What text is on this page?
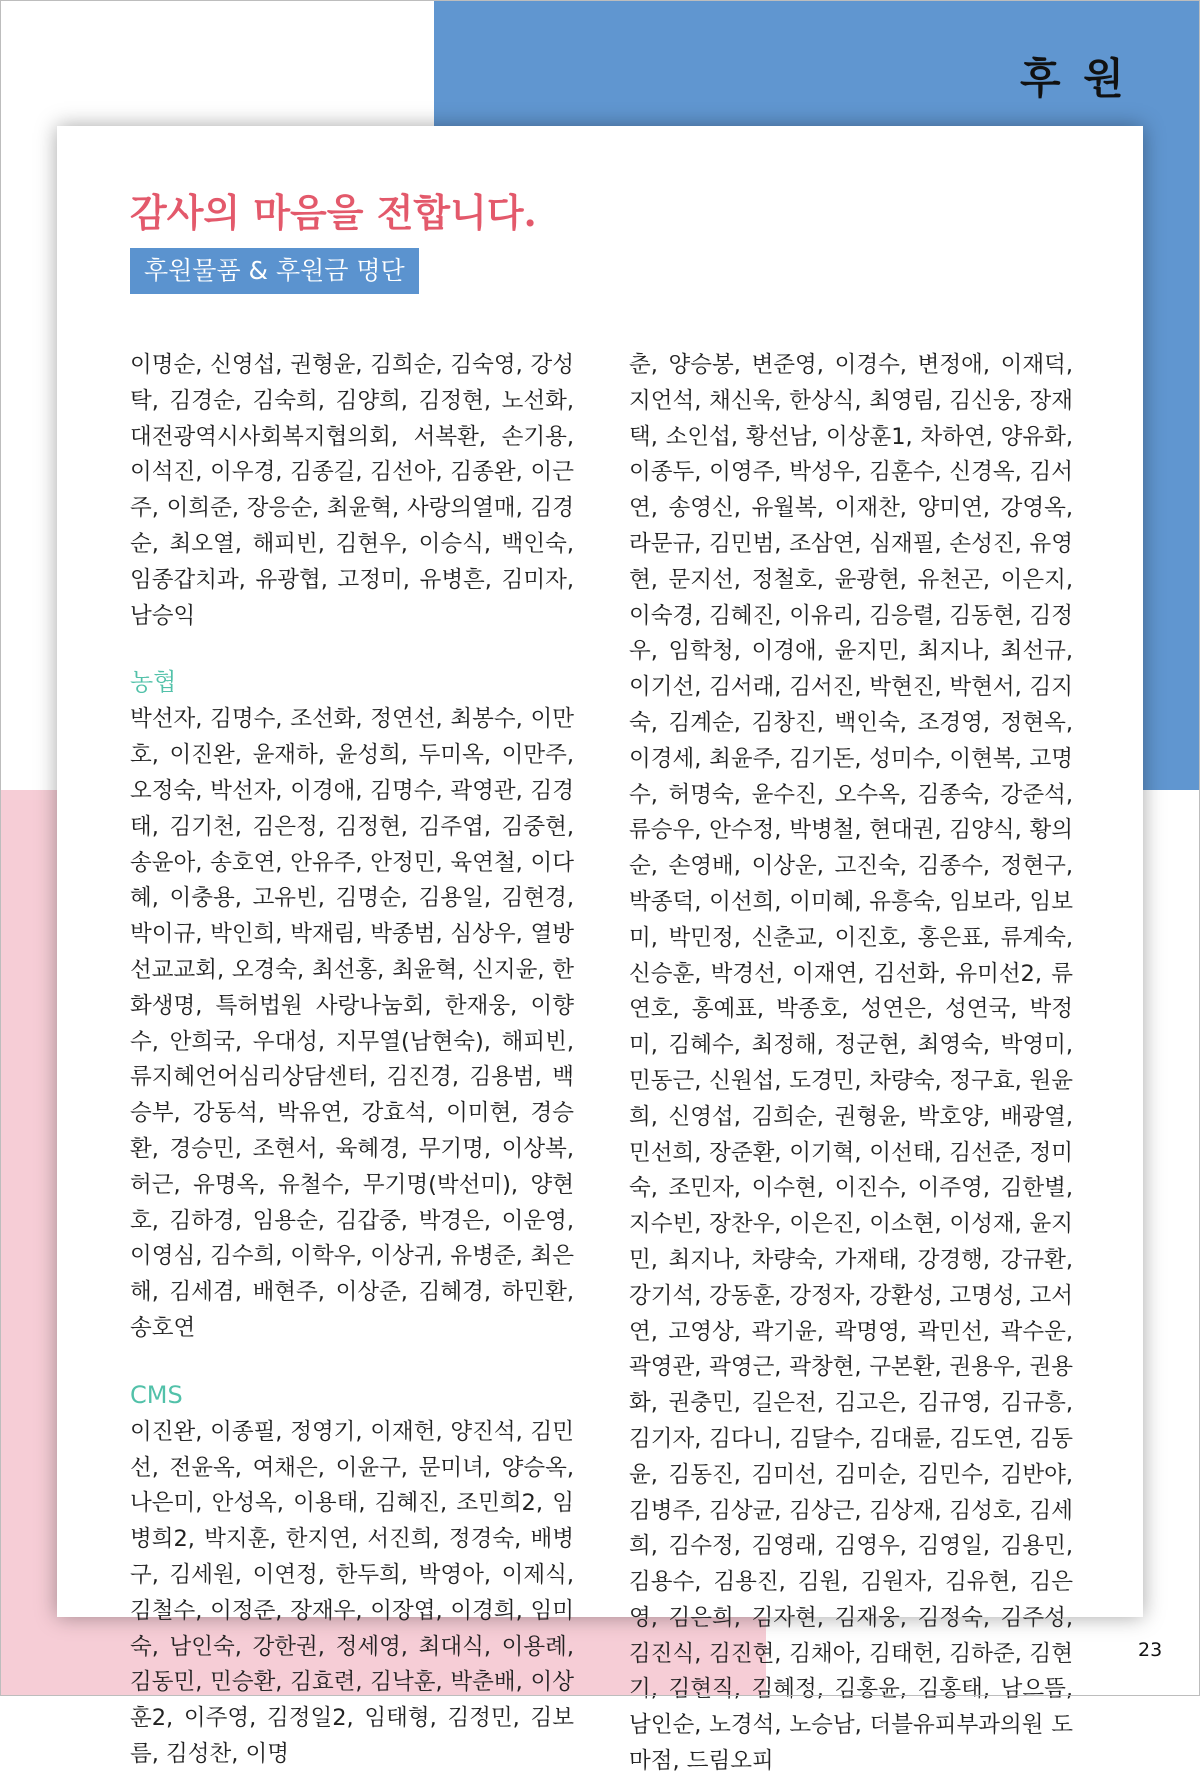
후 원
감사의 마음을 전합니다.
후원물품 & 후원금 명단

이명순, 신영섭, 권형윤, 김희순, 김숙영, 강성탁, 김경순, 김숙희, 김양희, 김정현, 노선화, 대전광역시사회복지협의회, 서복환, 손기용, 이석진, 이우경, 김종길, 김선아, 김종완, 이근주, 이희준, 장응순, 최윤혁, 사랑의열매, 김경순, 최오열, 해피빈, 김현우, 이승식, 백인숙, 임종갑치과, 유광협, 고정미, 유병흔, 김미자, 남승익

농협

박선자, 김명수, 조선화, 정연선, 최봉수, 이만호, 이진완, 윤재하, 윤성희, 두미옥, 이만주, 오정숙, 박선자, 이경애, 김명수, 곽영관, 김경태, 김기천, 김은정, 김정현, 김주엽, 김중현, 송윤아, 송호연, 안유주, 안정민, 육연철, 이다혜, 이충용, 고유빈, 김명순, 김용일, 김현경, 박이규, 박인희, 박재림, 박종범, 심상우, 열방선교교회, 오경숙, 최선홍, 최윤혁, 신지윤, 한화생명, 특허법원 사랑나눔회, 한재웅, 이향수, 안희국, 우대성, 지무열(남현숙), 해피빈, 류지혜언어심리상담센터, 김진경, 김용범, 백승부, 강동석, 박유연, 강효석, 이미현, 경승환, 경승민, 조현서, 육혜경, 무기명, 이상복, 허근, 유명옥, 유철수, 무기명(박선미), 양현호, 김하경, 임용순, 김갑중, 박경은, 이운영, 이영심, 김수희, 이학우, 이상귀, 유병준, 최은해, 김세겸, 배현주, 이상준, 김혜경, 하민환, 송호연

CMS

이진완, 이종필, 정영기, 이재헌, 양진석, 김민선, 전윤옥, 여채은, 이윤구, 문미녀, 양승옥, 나은미, 안성옥, 이용태, 김혜진, 조민희2, 임병희2, 박지훈, 한지연, 서진희, 정경숙, 배병구, 김세원, 이연정, 한두희, 박영아, 이제식, 김철수, 이정준, 장재우, 이장엽, 이경희, 임미숙, 남인숙, 강한권, 정세영, 최대식, 이용례, 김동민, 민승환, 김효련, 김낙훈, 박춘배, 이상훈2, 이주영, 김정일2, 임태형, 김정민, 김보름, 김성찬, 이명

춘, 양승봉, 변준영, 이경수, 변정애, 이재덕, 지언석, 채신욱, 한상식, 최영림, 김신웅, 장재택, 소인섭, 황선남, 이상훈1, 차하연, 양유화, 이종두, 이영주, 박성우, 김훈수, 신경옥, 김서연, 송영신, 유월복, 이재찬, 양미연, 강영옥, 라문규, 김민범, 조삼연, 심재필, 손성진, 유영현, 문지선, 정철호, 윤광현, 유천곤, 이은지, 이숙경, 김혜진, 이유리, 김응렬, 김동현, 김정우, 임학청, 이경애, 윤지민, 최지나, 최선규, 이기선, 김서래, 김서진, 박현진, 박현서, 김지숙, 김계순, 김창진, 백인숙, 조경영, 정현옥, 이경세, 최윤주, 김기돈, 성미수, 이현복, 고명수, 허명숙, 윤수진, 오수옥, 김종숙, 강준석, 류승우, 안수정, 박병철, 현대권, 김양식, 황의순, 손영배, 이상운, 고진숙, 김종수, 정현구, 박종덕, 이선희, 이미혜, 유흥숙, 임보라, 임보미, 박민정, 신춘교, 이진호, 홍은표, 류계숙, 신승훈, 박경선, 이재연, 김선화, 유미선2, 류연호, 홍예표, 박종호, 성연은, 성연국, 박정미, 김혜수, 최정해, 정군현, 최영숙, 박영미, 민동근, 신원섭, 도경민, 차량숙, 정구효, 원윤희, 신영섭, 김희순, 권형윤, 박호양, 배광열, 민선희, 장준환, 이기혁, 이선태, 김선준, 정미숙, 조민자, 이수현, 이진수, 이주영, 김한별, 지수빈, 장찬우, 이은진, 이소현, 이성재, 윤지민, 최지나, 차량숙, 가재태, 강경행, 강규환, 강기석, 강동훈, 강정자, 강환성, 고명성, 고서연, 고영상, 곽기윤, 곽명영, 곽민선, 곽수운, 곽영관, 곽영근, 곽창현, 구본환, 권용우, 권용화, 권충민, 길은전, 김고은, 김규영, 김규흥, 김기자, 김다니, 김달수, 김대륜, 김도연, 김동윤, 김동진, 김미선, 김미순, 김민수, 김반야, 김병주, 김상균, 김상근, 김상재, 김성호, 김세희, 김수정, 김영래, 김영우, 김영일, 김용민, 김용수, 김용진, 김원, 김원자, 김유현, 김은영, 김은희, 김자현, 김재웅, 김정숙, 김주성, 김진식, 김진현, 김채아, 김태헌, 김하준, 김현기, 김현직, 김혜정, 김홍윤, 김홍태, 남으뜸, 남인순, 노경석, 노승남, 더블유피부과의원 도마점, 드림오피

23
